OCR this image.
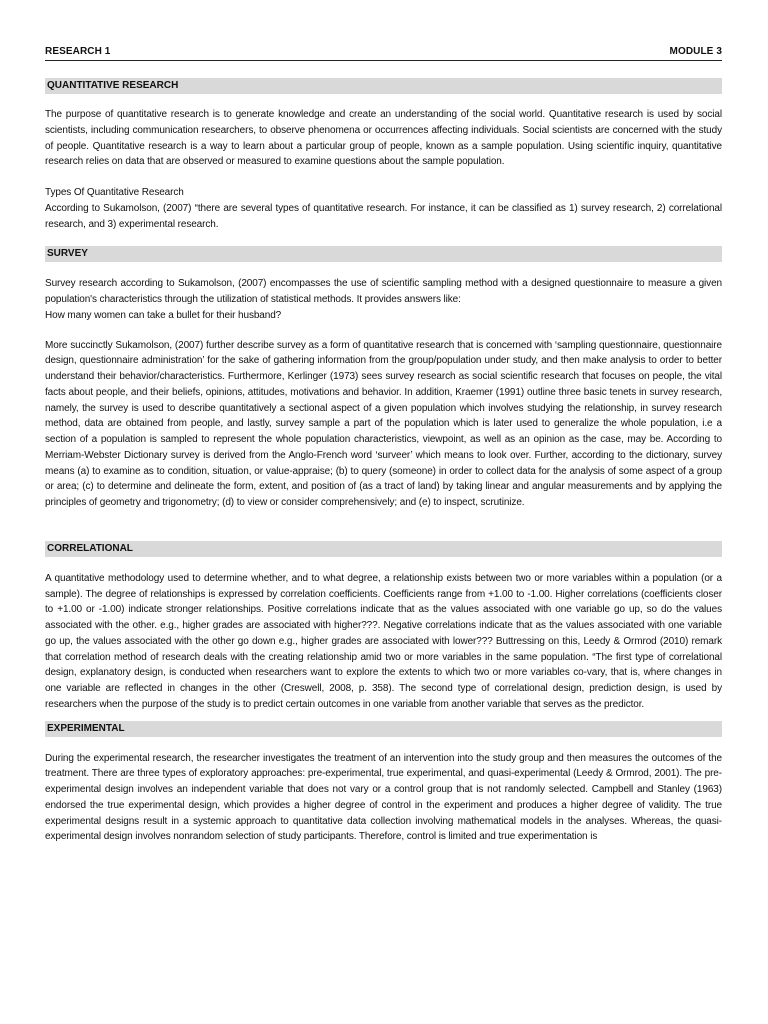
RESEARCH 1	MODULE 3
QUANTITATIVE RESEARCH

The purpose of quantitative research is to generate knowledge and create an understanding of the social world. Quantitative research is used by social scientists, including communication researchers, to observe phenomena or occurrences affecting individuals. Social scientists are concerned with the study of people. Quantitative research is a way to learn about a particular group of people, known as a sample population. Using scientific inquiry, quantitative research relies on data that are observed or measured to examine questions about the sample population.

Types Of Quantitative Research

According to Sukamolson, (2007) “there are several types of quantitative research. For instance, it can be classified as 1) survey research, 2) correlational research, and 3) experimental research.

SURVEY

Survey research according to Sukamolson, (2007) encompasses the use of scientific sampling method with a designed questionnaire to measure a given population's characteristics through the utilization of statistical methods. It provides answers like:

How many women can take a bullet for their husband?

More succinctly Sukamolson, (2007) further describe survey as a form of quantitative research that is concerned with ‘sampling questionnaire, questionnaire design, questionnaire administration’ for the sake of gathering information from the group/population under study, and then make analysis to order to better understand their behavior/characteristics. Furthermore, Kerlinger (1973) sees survey research as social scientific research that focuses on people, the vital facts about people, and their beliefs, opinions, attitudes, motivations and behavior. In addition, Kraemer (1991) outline three basic tenets in survey research, namely, the survey is used to describe quantitatively a sectional aspect of a given population which involves studying the relationship, in survey research method, data are obtained from people, and lastly, survey sample a part of the population which is later used to generalize the whole population, i.e a section of a population is sampled to represent the whole population characteristics, viewpoint, as well as an opinion as the case, may be. According to Merriam-Webster Dictionary survey is derived from the Anglo-French word ‘surveer’ which means to look over. Further, according to the dictionary, survey means (a) to examine as to condition, situation, or value-appraise; (b) to query (someone) in order to collect data for the analysis of some aspect of a group or area; (c) to determine and delineate the form, extent, and position of (as a tract of land) by taking linear and angular measurements and by applying the principles of geometry and trigonometry; (d) to view or consider comprehensively; and (e) to inspect, scrutinize.

CORRELATIONAL

A quantitative methodology used to determine whether, and to what degree, a relationship exists between two or more variables within a population (or a sample). The degree of relationships is expressed by correlation coefficients. Coefficients range from +1.00 to -1.00. Higher correlations (coefficients closer to +1.00 or -1.00) indicate stronger relationships. Positive correlations indicate that as the values associated with one variable go up, so do the values associated with the other. e.g., higher grades are associated with higher???. Negative correlations indicate that as the values associated with one variable go up, the values associated with the other go down e.g., higher grades are associated with lower??? Buttressing on this, Leedy & Ormrod (2010) remark that correlation method of research deals with the creating relationship amid two or more variables in the same population. “The first type of correlational design, explanatory design, is conducted when researchers want to explore the extents to which two or more variables co-vary, that is, where changes in one variable are reflected in changes in the other (Creswell, 2008, p. 358). The second type of correlational design, prediction design, is used by researchers when the purpose of the study is to predict certain outcomes in one variable from another variable that serves as the predictor.

EXPERIMENTAL

During the experimental research, the researcher investigates the treatment of an intervention into the study group and then measures the outcomes of the treatment. There are three types of exploratory approaches: pre-experimental, true experimental, and quasi-experimental (Leedy & Ormrod, 2001). The pre-experimental design involves an independent variable that does not vary or a control group that is not randomly selected. Campbell and Stanley (1963) endorsed the true experimental design, which provides a higher degree of control in the experiment and produces a higher degree of validity. The true experimental designs result in a systemic approach to quantitative data collection involving mathematical models in the analyses. Whereas, the quasi-experimental design involves nonrandom selection of study participants. Therefore, control is limited and true experimentation is
